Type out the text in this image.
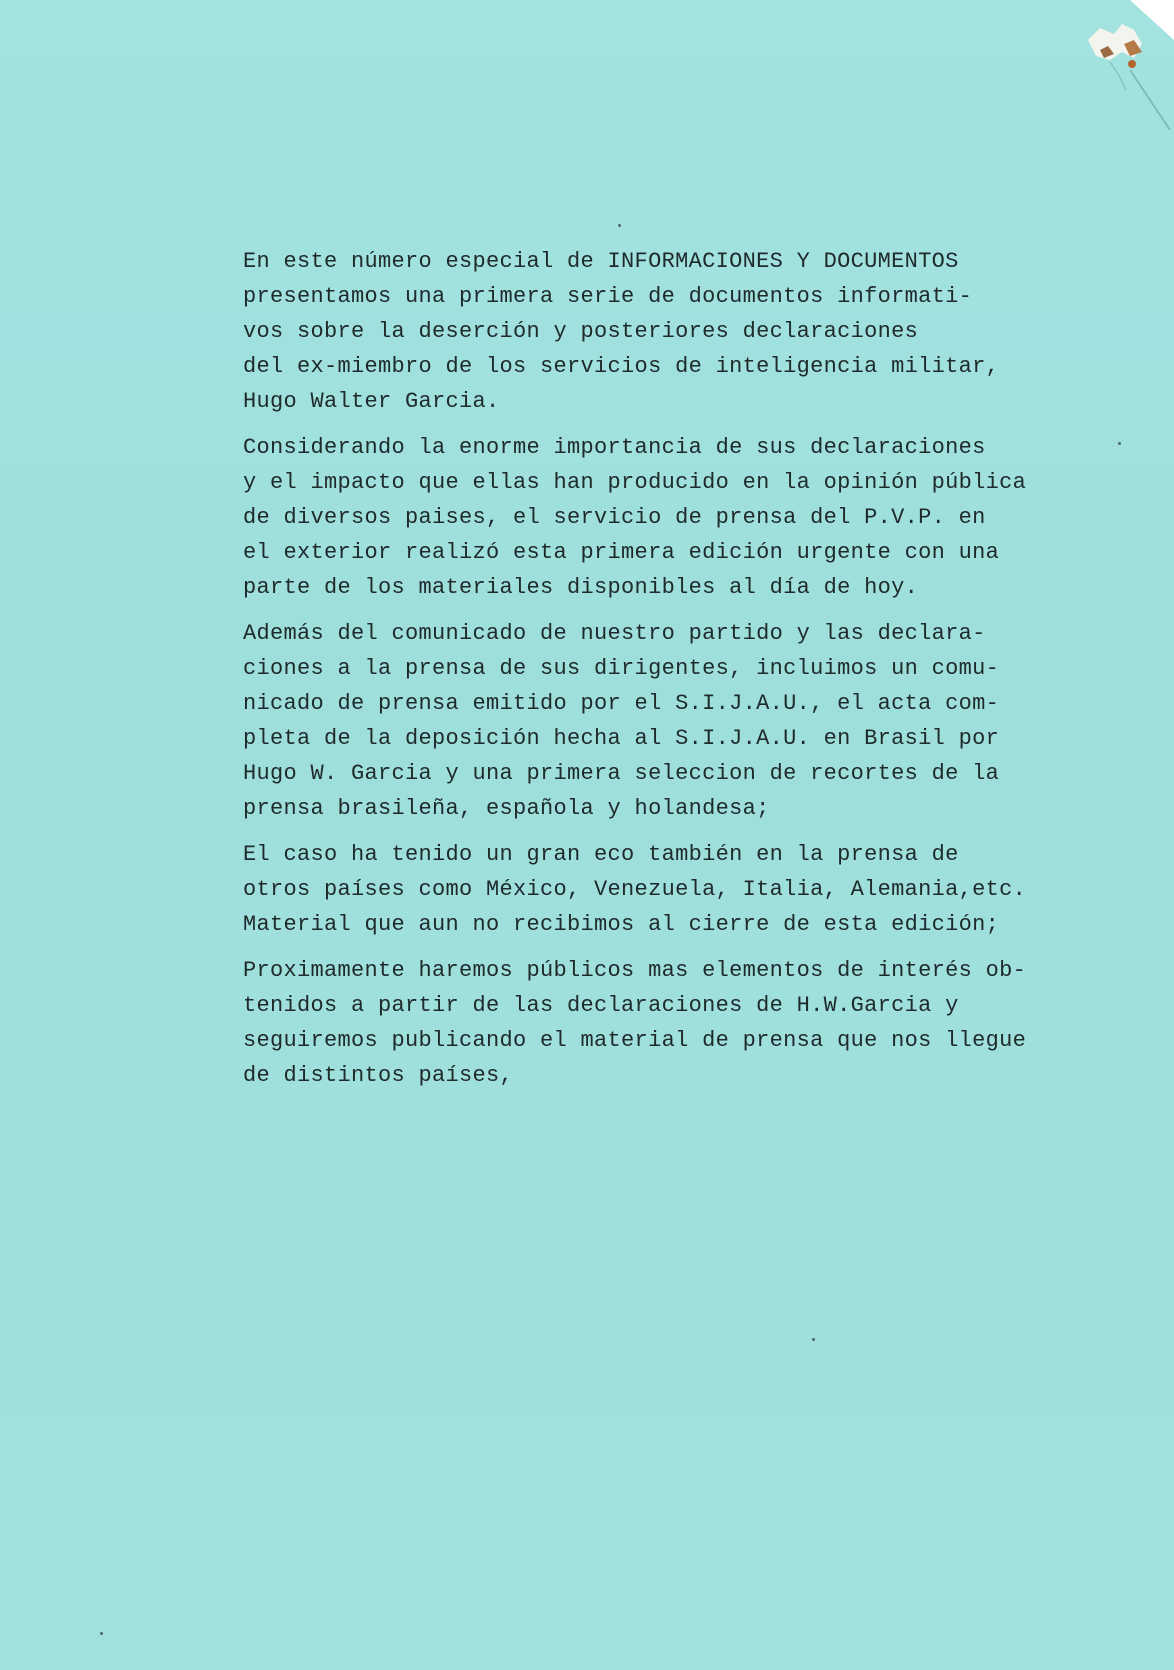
En este número especial de INFORMACIONES Y DOCUMENTOS
presentamos una primera serie de documentos informati-
vos sobre la deserción y posteriores declaraciones
del ex-miembro de los servicios de inteligencia militar,
Hugo Walter Garcia.

Considerando la enorme importancia de sus declaraciones
y el impacto que ellas han producido en la opinión pública
de diversos paises, el servicio de prensa del P.V.P. en
el exterior realizó esta primera edición urgente con una
parte de los materiales disponibles al día de hoy.

Además del comunicado de nuestro partido y las declara-
ciones a la prensa de sus dirigentes, incluimos un comu-
nicado de prensa emitido por el S.I.J.A.U., el acta com-
pleta de la deposición hecha al S.I.J.A.U. en Brasil por
Hugo W. Garcia y una primera seleccion de recortes de la
prensa brasileña, española y holandesa;

El caso ha tenido un gran eco también en la prensa de
otros países como México, Venezuela, Italia, Alemania,etc.
Material que aun no recibimos al cierre de esta edición;

Proximamente haremos públicos mas elementos de interés ob-
tenidos a partir de las declaraciones de H.W.Garcia y
seguiremos publicando el material de prensa que nos llegue
de distintos países,
